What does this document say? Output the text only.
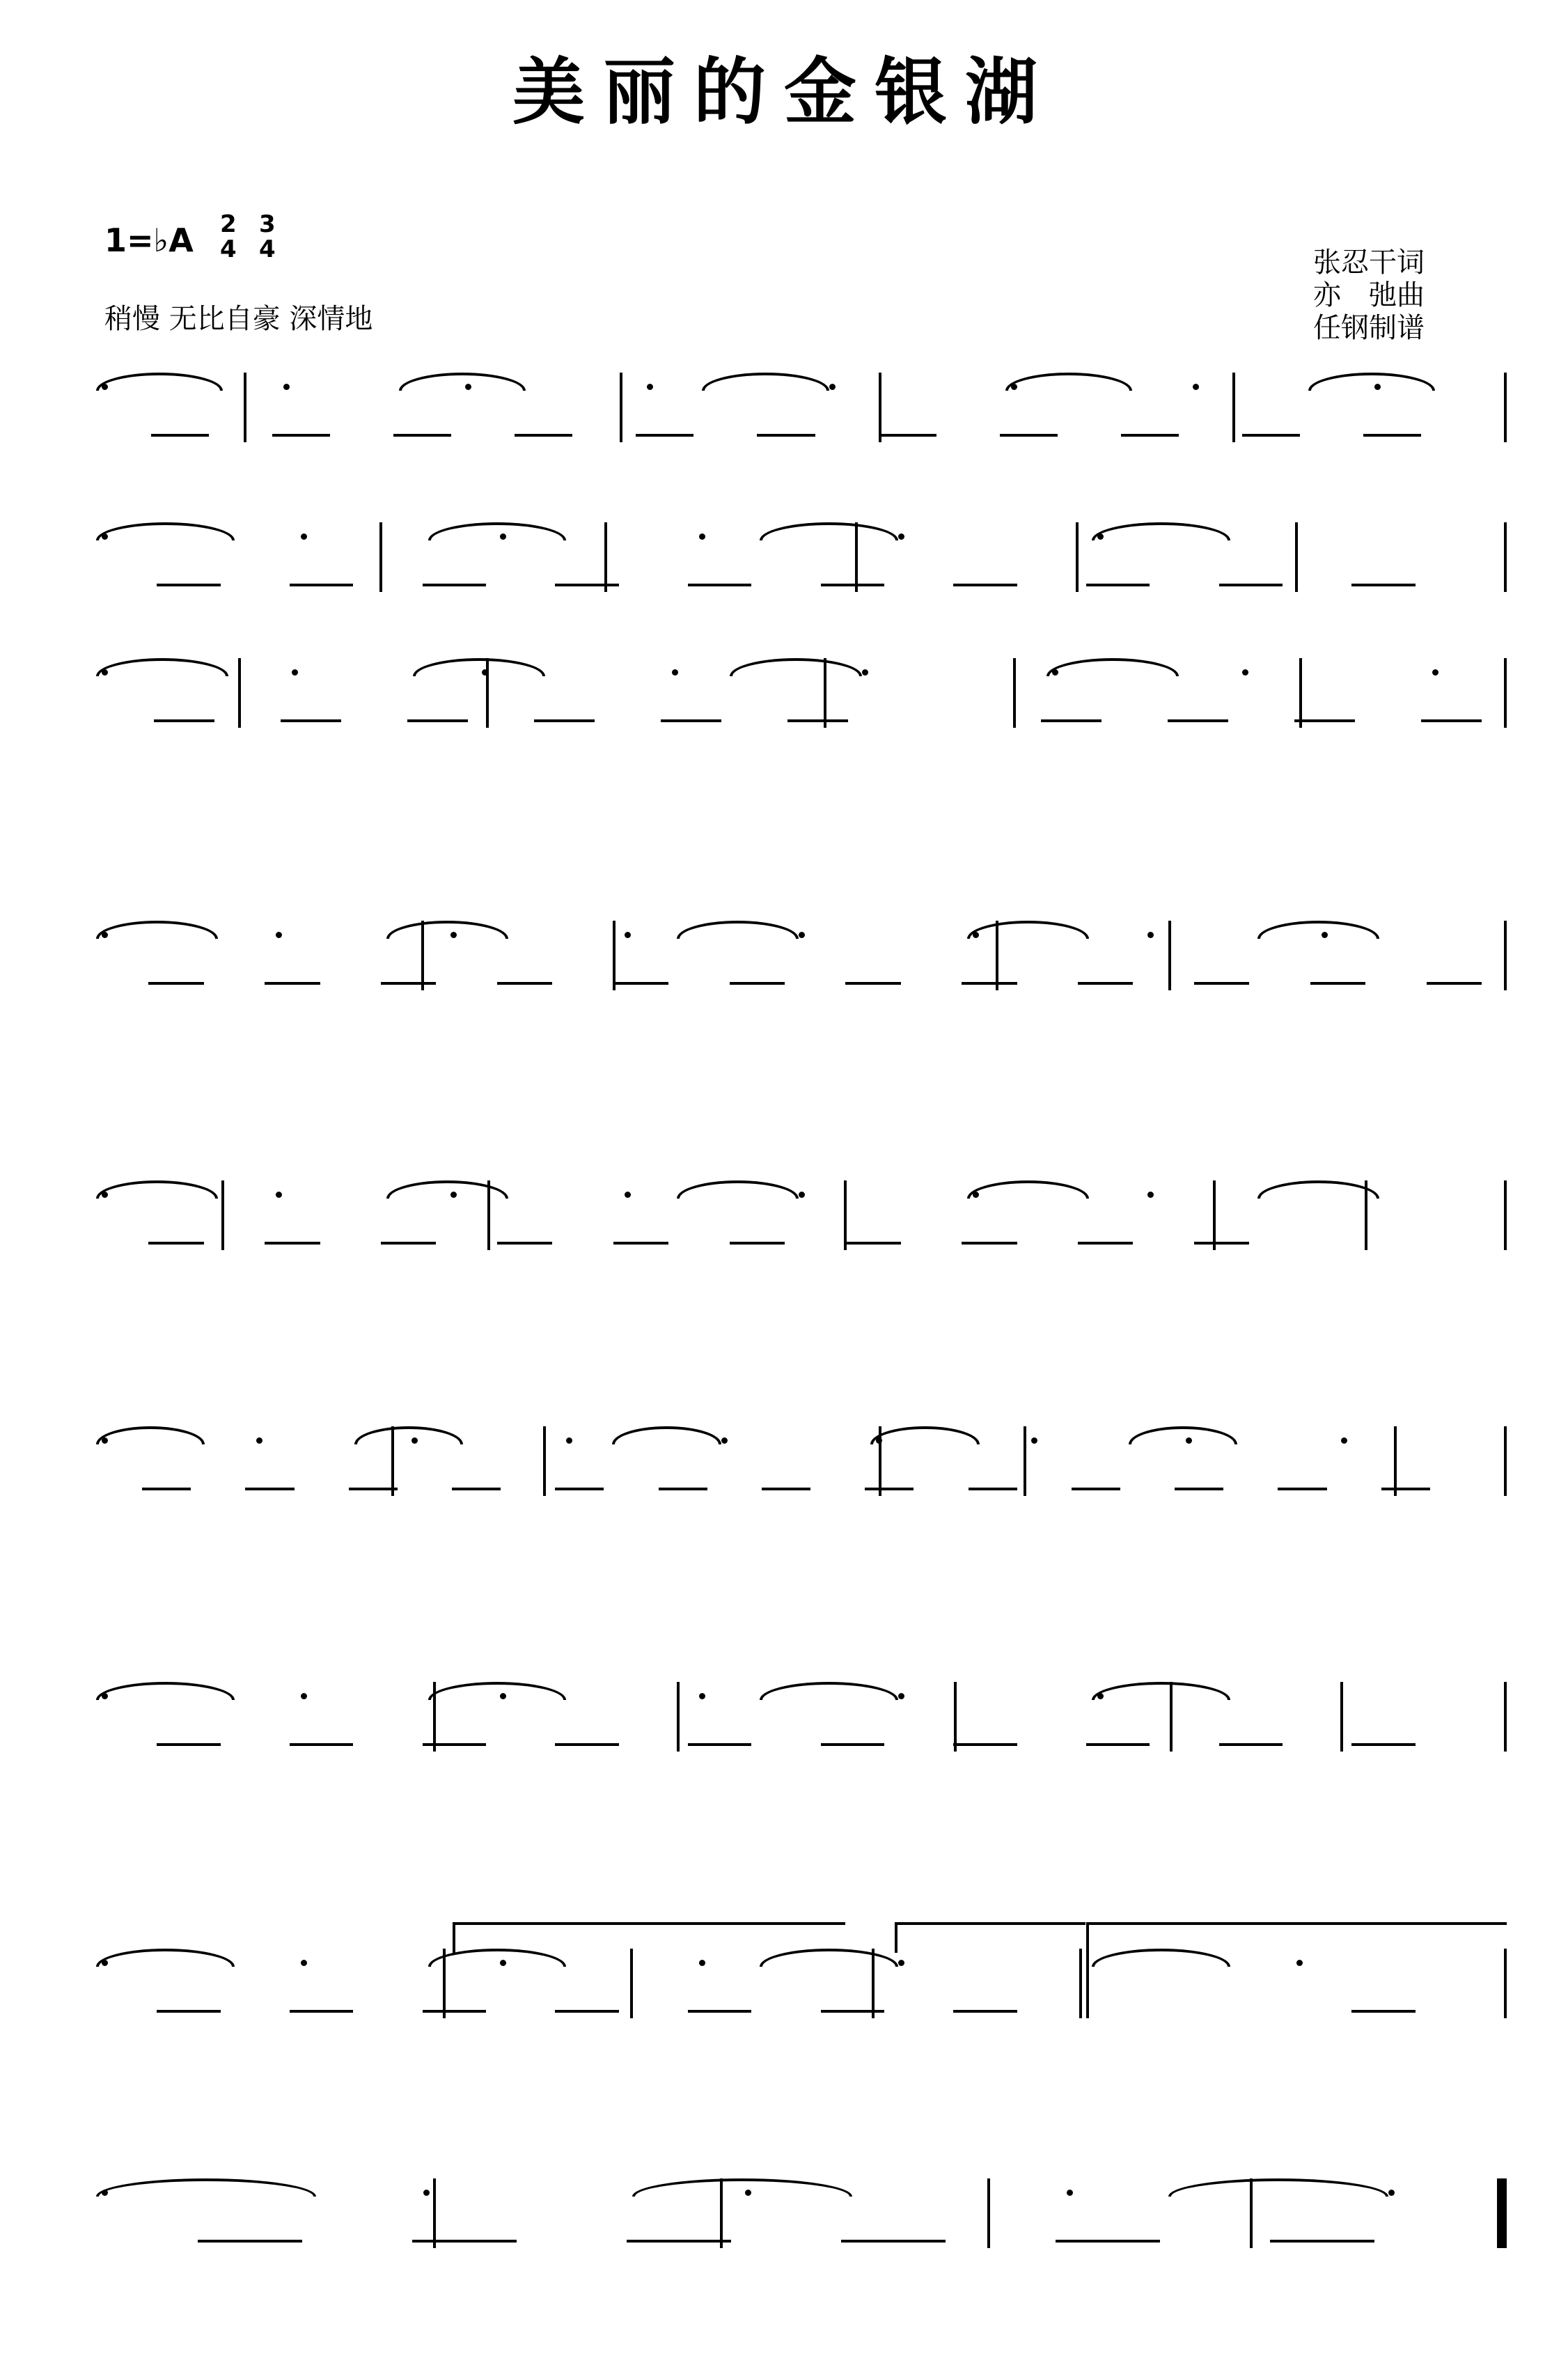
美丽的金银湖
1=♭A 2
4
3
4
稍慢 无比自豪 深情地
张忍干词
亦　弛曲
任钢制谱
